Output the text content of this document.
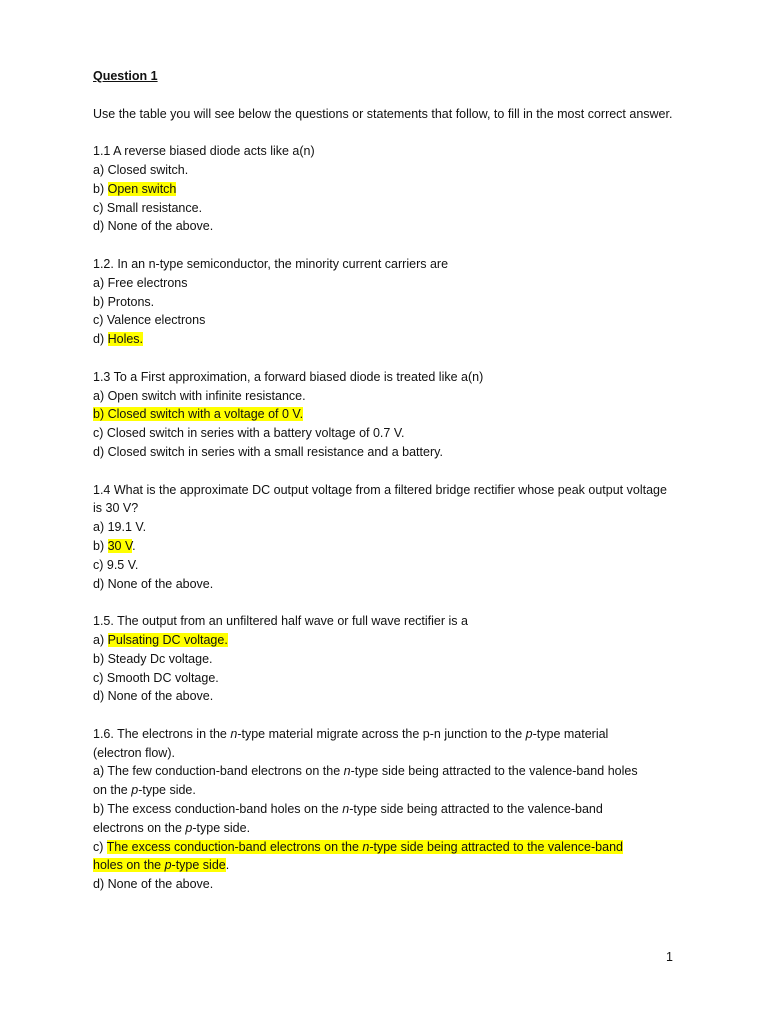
Question 1
Use the table you will see below the questions or statements that follow, to fill in the most correct answer.
1.1 A reverse biased diode acts like a(n)
a) Closed switch.
b) Open switch
c) Small resistance.
d) None of the above.
1.2. In an n-type semiconductor, the minority current carriers are
a) Free electrons
b) Protons.
c) Valence electrons
d) Holes.
1.3 To a First approximation, a forward biased diode is treated like a(n)
a) Open switch with infinite resistance.
b) Closed switch with a voltage of 0 V.
c) Closed switch in series with a battery voltage of 0.7 V.
d) Closed switch in series with a small resistance and a battery.
1.4 What is the approximate DC output voltage from a filtered bridge rectifier whose peak output voltage is 30 V?
a) 19.1 V.
b) 30 V.
c) 9.5 V.
d) None of the above.
1.5. The output from an unfiltered half wave or full wave rectifier is a
a) Pulsating DC voltage.
b) Steady Dc voltage.
c) Smooth DC voltage.
d) None of the above.
1.6. The electrons in the n-type material migrate across the p-n junction to the p-type material
(electron flow).
a) The few conduction-band electrons on the n-type side being attracted to the valence-band holes
on the p-type side.
b) The excess conduction-band holes on the n-type side being attracted to the valence-band
electrons on the p-type side.
c) The excess conduction-band electrons on the n-type side being attracted to the valence-band
holes on the p-type side.
d) None of the above.
1
